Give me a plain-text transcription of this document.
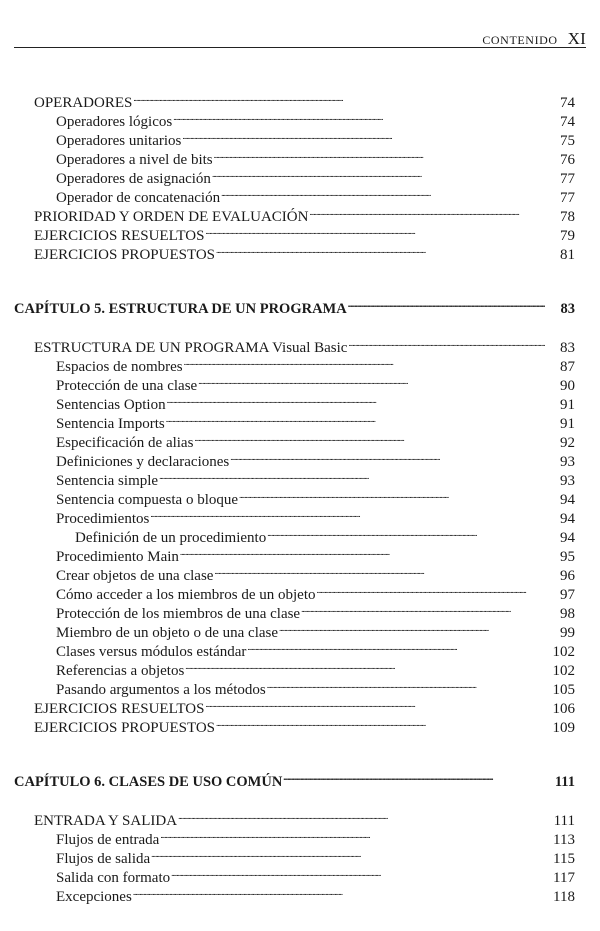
CONTENIDO XI
OPERADORES . . .	74
Operadores lógicos . . .	74
Operadores unitarios . . .	75
Operadores a nivel de bits . . .	76
Operadores de asignación . . .	77
Operador de concatenación . . .	77
PRIORIDAD Y ORDEN DE EVALUACIÓN . . .	78
EJERCICIOS RESUELTOS . . .	79
EJERCICIOS PROPUESTOS . . .	81
CAPÍTULO 5. ESTRUCTURA DE UN PROGRAMA . . .	83
ESTRUCTURA DE UN PROGRAMA Visual Basic . . .	83
Espacios de nombres . . .	87
Protección de una clase . . .	90
Sentencias Option . . .	91
Sentencia Imports . . .	91
Especificación de alias . . .	92
Definiciones y declaraciones . . .	93
Sentencia simple . . .	93
Sentencia compuesta o bloque . . .	94
Procedimientos . . .	94
Definición de un procedimiento . . .	94
Procedimiento Main . . .	95
Crear objetos de una clase . . .	96
Cómo acceder a los miembros de un objeto . . .	97
Protección de los miembros de una clase . . .	98
Miembro de un objeto o de una clase . . .	99
Clases versus módulos estándar . . .	102
Referencias a objetos . . .	102
Pasando argumentos a los métodos . . .	105
EJERCICIOS RESUELTOS . . .	106
EJERCICIOS PROPUESTOS . . .	109
CAPÍTULO 6. CLASES DE USO COMÚN . . .	111
ENTRADA Y SALIDA . . .	111
Flujos de entrada . . .	113
Flujos de salida . . .	115
Salida con formato . . .	117
Excepciones . . .	118
